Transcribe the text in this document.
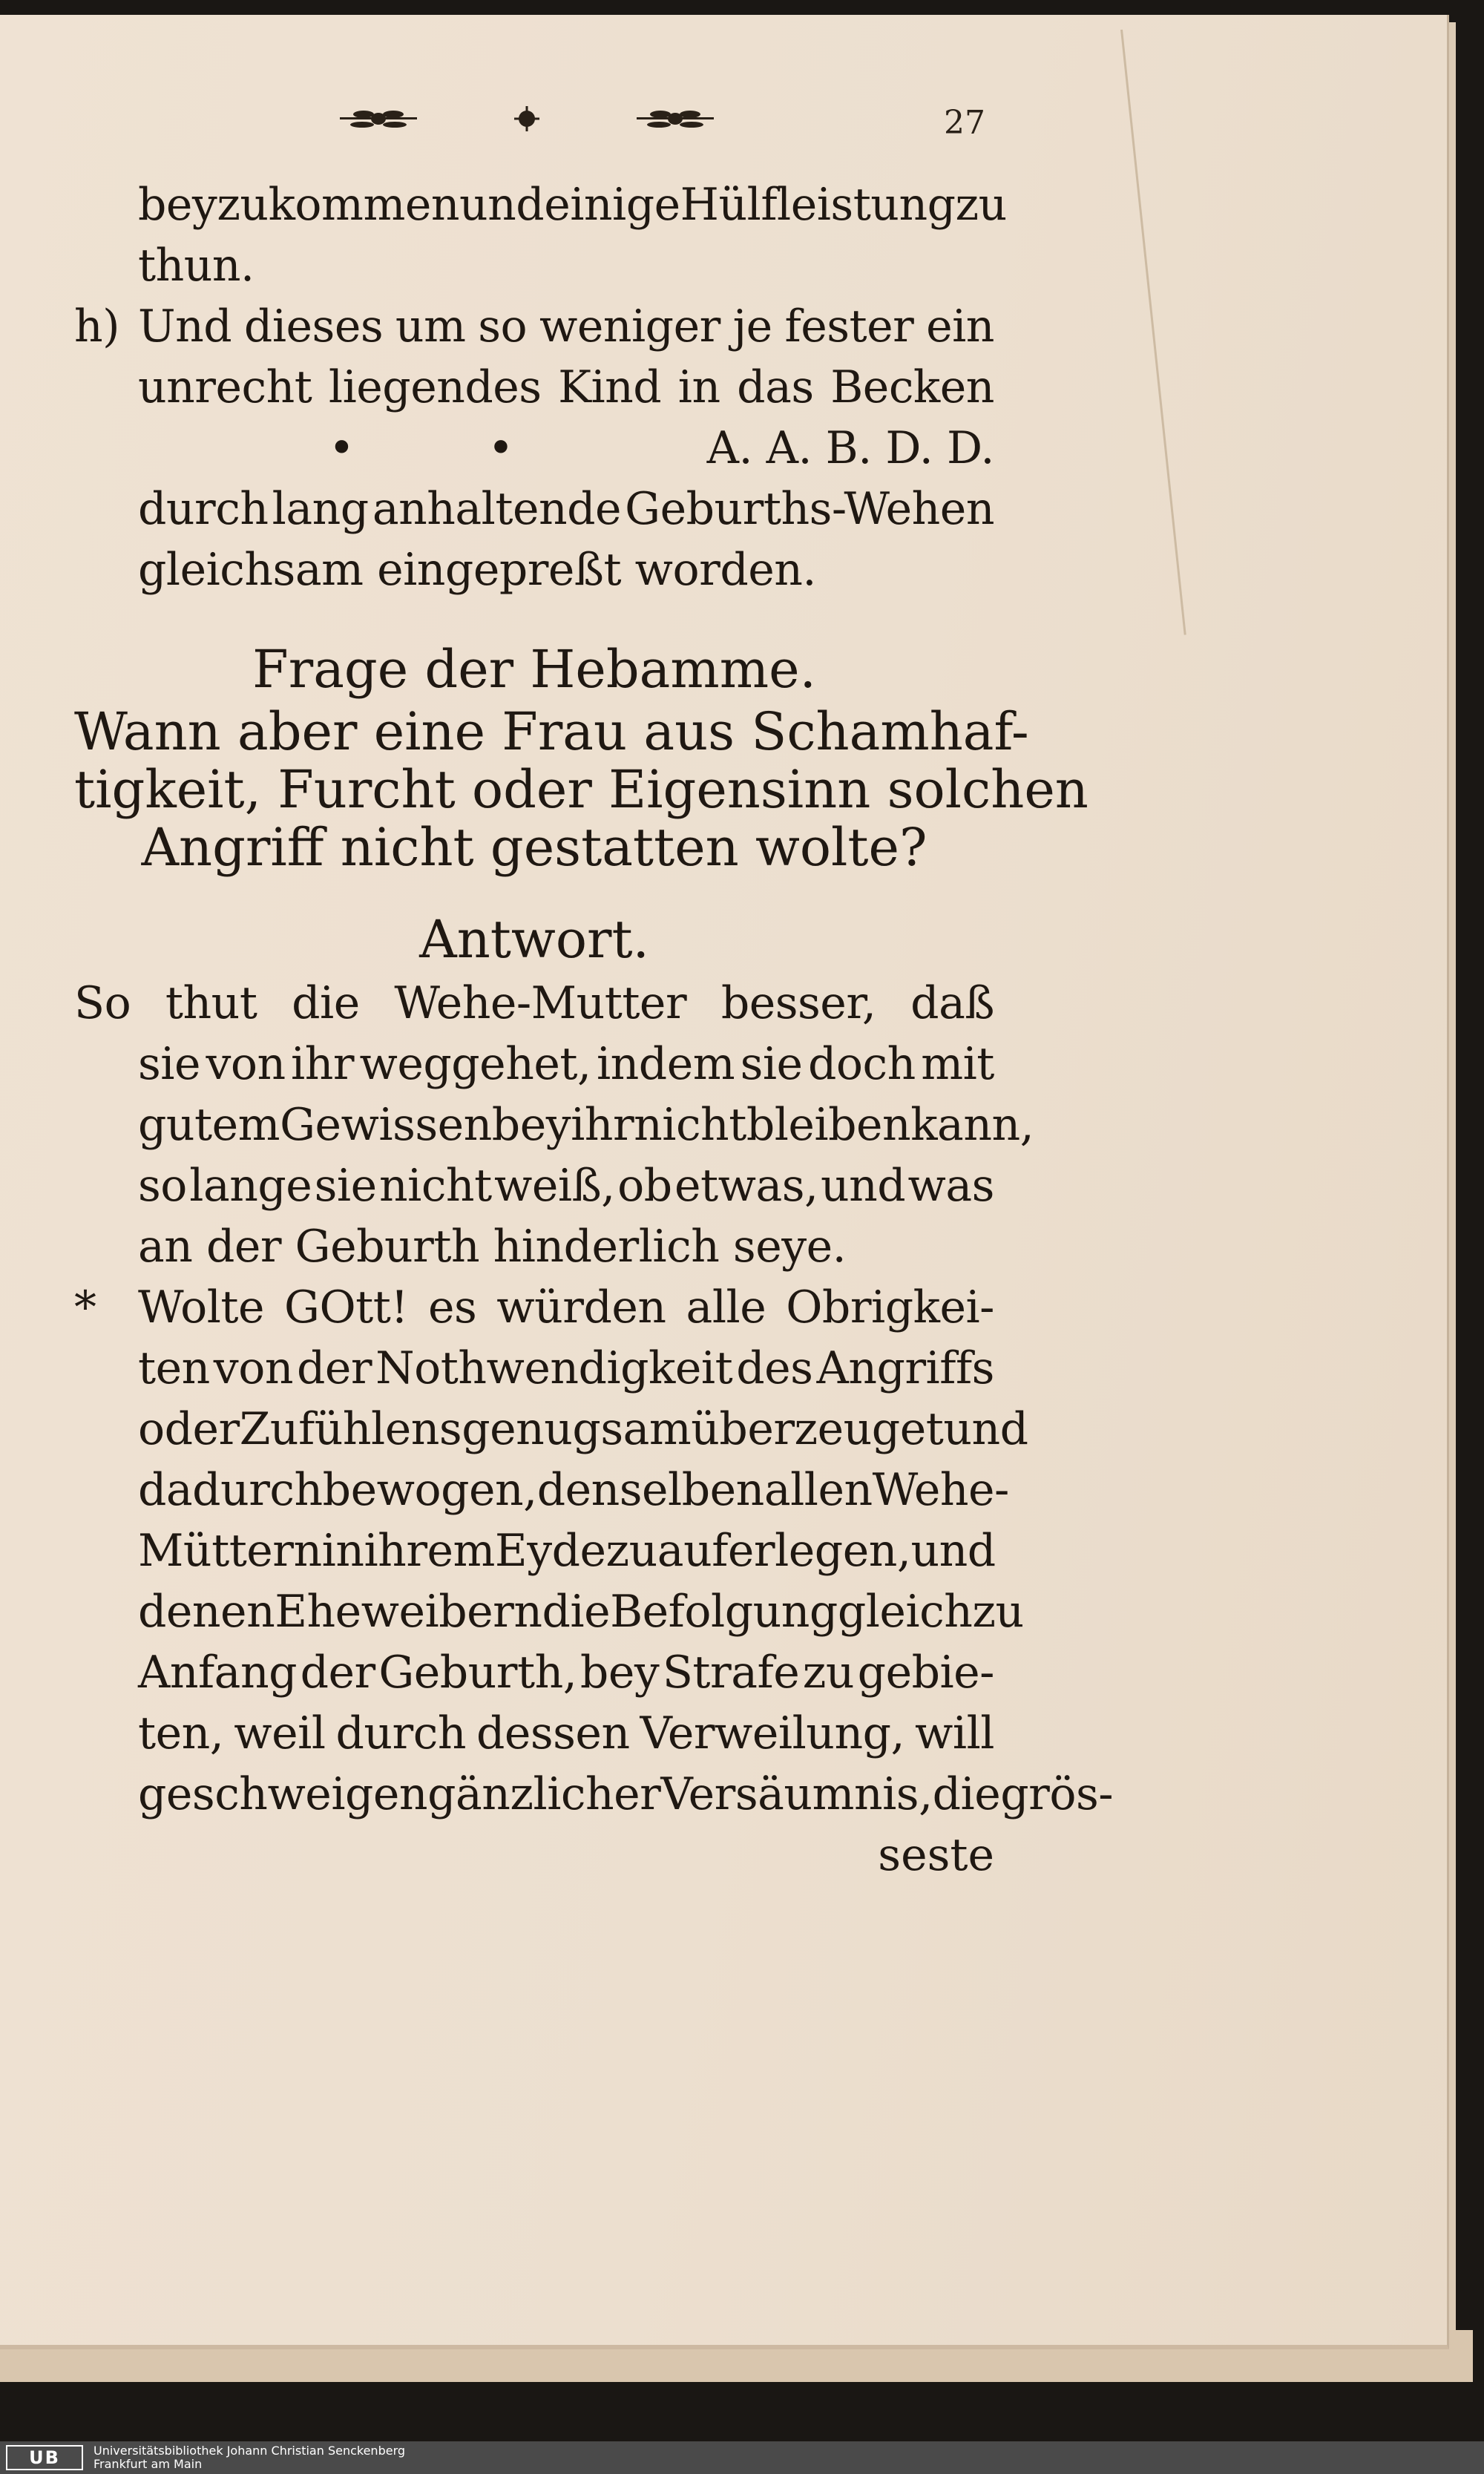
27
beyzukommen und einige Hülfleistung zu
thun.
h) Und dieses um so weniger je fester ein
unrecht liegendes Kind in das Becken
• •	A. A. B. D. D.
durch lang anhaltende Geburths-Wehen
gleichsam eingepreßt worden.
Frage der Hebamme.
Wann aber eine Frau aus Schamhaf-
tigkeit, Furcht oder Eigensinn solchen
Angriff nicht gestatten wolte?
Antwort.
So thut die Wehe-Mutter besser, daß
sie von ihr weggehet, indem sie doch mit
gutem Gewissen bey ihr nicht bleiben kann,
so lange sie nicht weiß, ob etwas, und was
an der Geburth hinderlich seye.
* Wolte GOtt! es würden alle Obrigkei-
ten von der Nothwendigkeit des Angriffs
oder Zufühlens genugsam überzeuget und
dadurch bewogen, denselben allen Wehe-
Müttern in ihrem Eyde zu auferlegen, und
denen Eheweibern die Befolgung gleich zu
Anfang der Geburth, bey Strafe zu gebie-
ten, weil durch dessen Verweilung, will
geschweigen gänzlicher Versäumnis, die grös-
seste
UB	Universitätsbibliothek Johann Christian Senckenberg
Frankfurt am Main
